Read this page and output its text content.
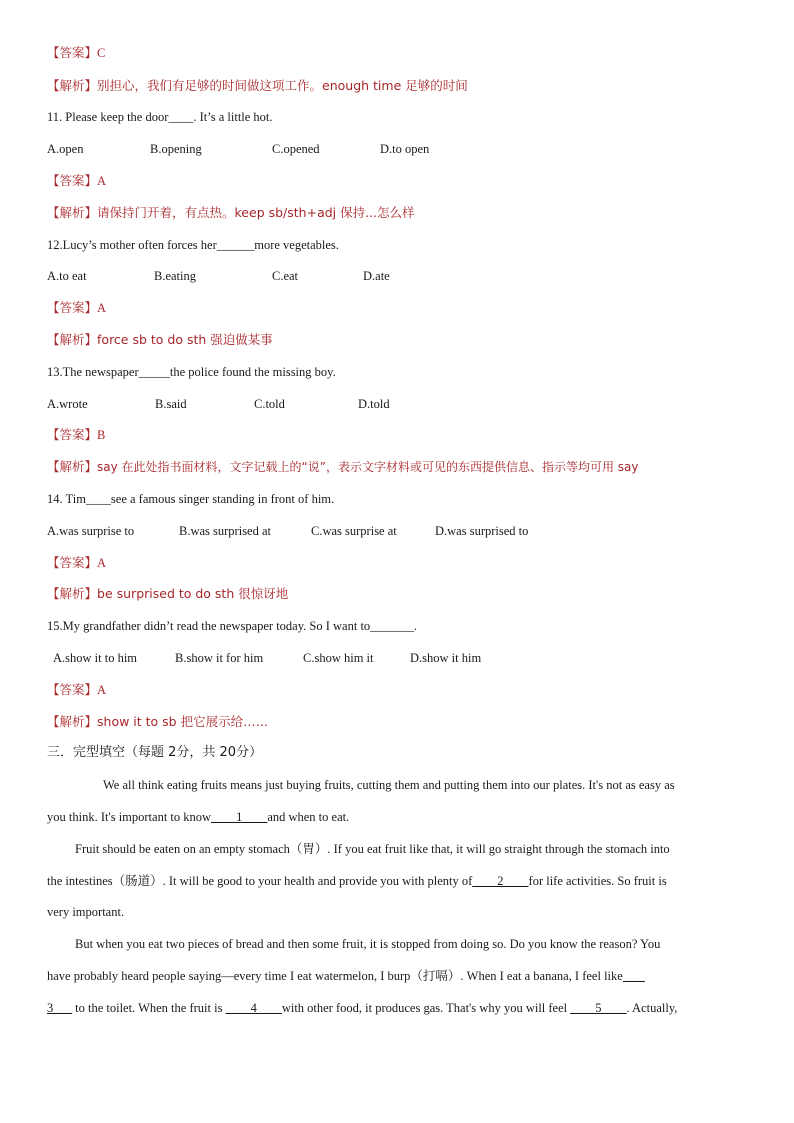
【答案】C
【解析】别担心，我们有足够的时间做这项工作。enough time 足够的时间
11. Please keep the door____. It’s a little hot.
A.open	B.opening	C.opened	D.to open
【答案】A
【解析】请保持门开着，有点热。keep sb/sth+adj 保持...怎么样
12.Lucy’s mother often forces her______more vegetables.
A.to eat	B.eating	C.eat	D.ate
【答案】A
【解析】force sb to do sth 强迫做某事
13.The newspaper_____the police found the missing boy.
A.wrote	B.said	C.told	D.told
【答案】B
【解析】say 在此处指书面材料，文字记载上的“说”，表示文字材料或可见的东西提供信息、指示等均可用 say
14. Tim____see a famous singer standing in front of him.
A.was surprise to	B.was surprised at	C.was surprise at	D.was surprised to
【答案】A
【解析】be surprised to do sth 很惊讶地
15.My grandfather didn’t read the newspaper today. So I want to_______.
A.show it to him	B.show it for him	C.show him it	D.show it him
【答案】A
【解析】show it to sb 把它展示给……
三．完型填空（每题 2分，共 20分）
We all think eating fruits means just buying fruits, cutting them and putting them into our plates. It's not as easy as
you think. It's important to know____1____and when to eat.
Fruit should be eaten on an empty stomach（胃）. If you eat fruit like that, it will go straight through the stomach into
the intestines（肠道）. It will be good to your health and provide you with plenty of____2____for life activities. So fruit is
very important.
But when you eat two pieces of bread and then some fruit, it is stopped from doing so. Do you know the reason? You
have probably heard people saying—every time I eat watermelon, I burp（打嗝）. When I eat a banana, I feel like ___
3___ to the toilet. When the fruit is ____4____with other food, it produces gas. That's why you will feel ____5____. Actually,
